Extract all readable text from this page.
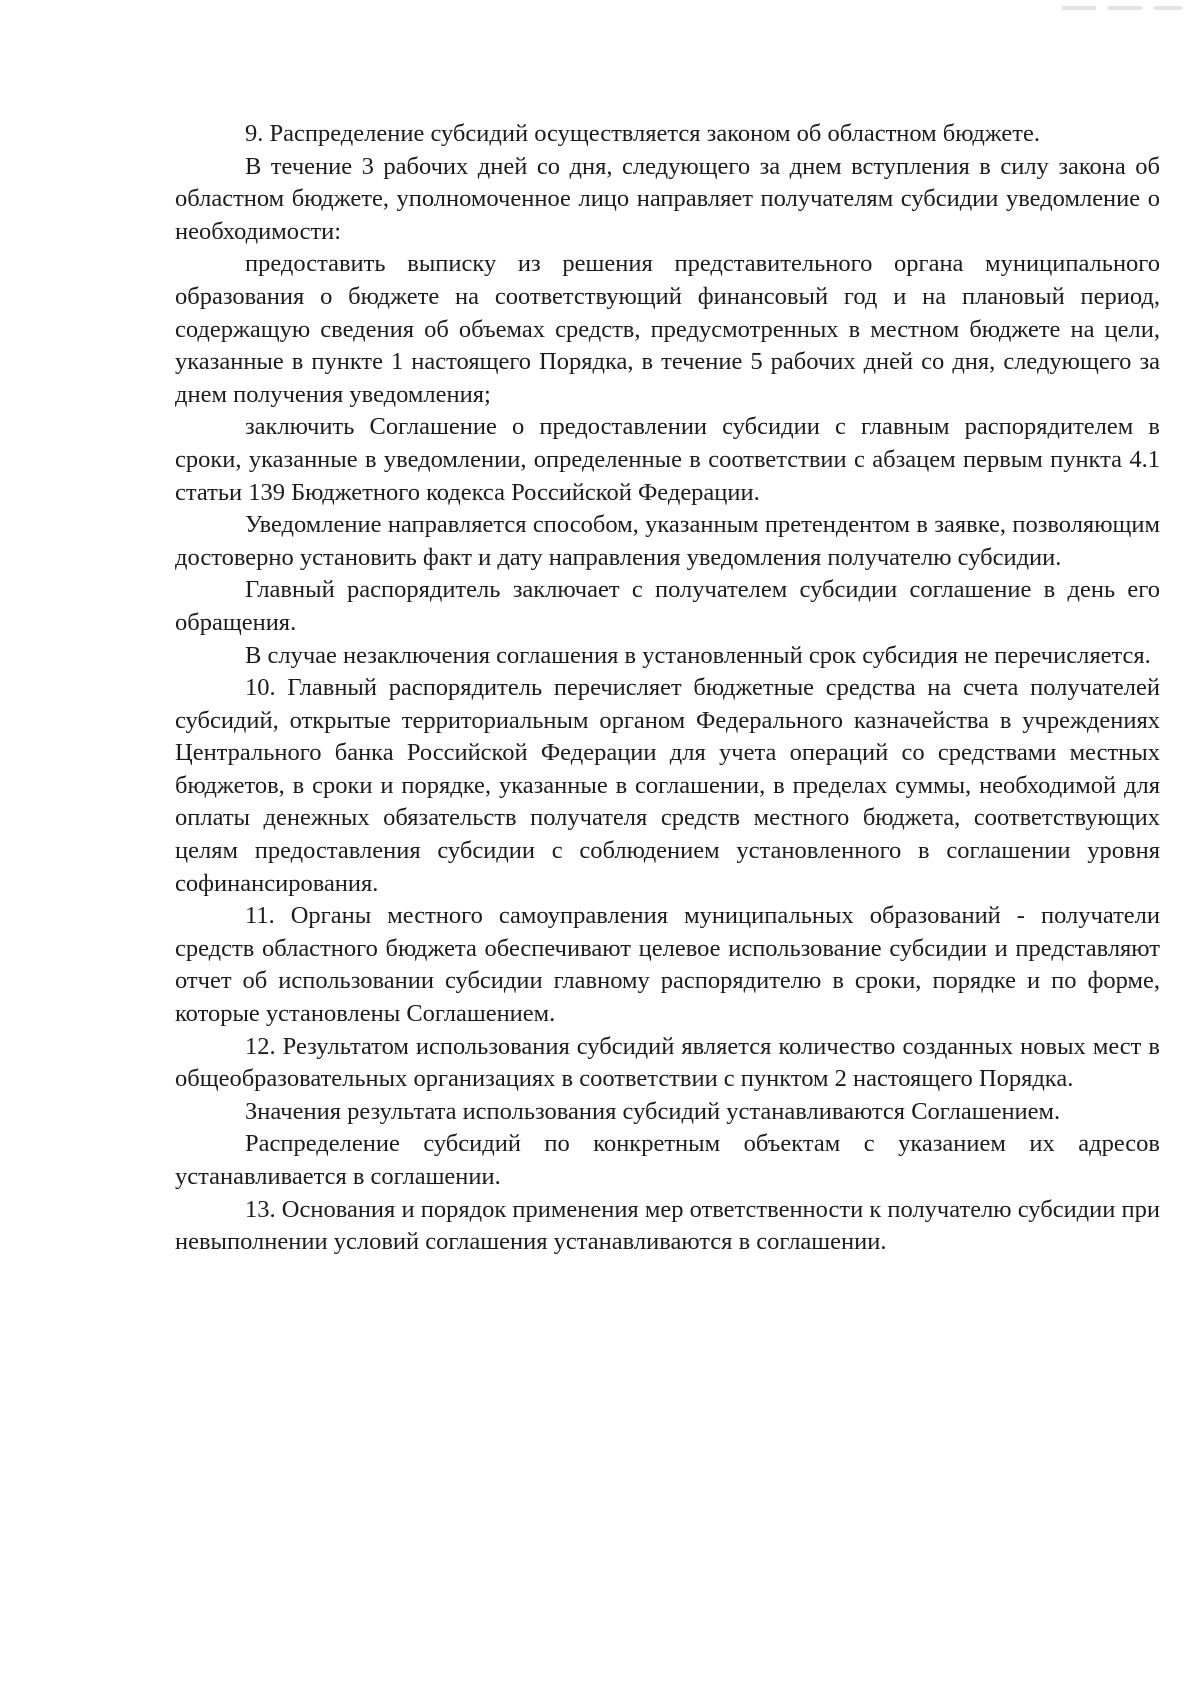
9. Распределение субсидий осуществляется законом об областном бюджете.

В течение 3 рабочих дней со дня, следующего за днем вступления в силу закона об областном бюджете, уполномоченное лицо направляет получателям субсидии уведомление о необходимости:

предоставить выписку из решения представительного органа муниципального образования о бюджете на соответствующий финансовый год и на плановый период, содержащую сведения об объемах средств, предусмотренных в местном бюджете на цели, указанные в пункте 1 настоящего Порядка, в течение 5 рабочих дней со дня, следующего за днем получения уведомления;

заключить Соглашение о предоставлении субсидии с главным распорядителем в сроки, указанные в уведомлении, определенные в соответствии с абзацем первым пункта 4.1 статьи 139 Бюджетного кодекса Российской Федерации.

Уведомление направляется способом, указанным претендентом в заявке, позволяющим достоверно установить факт и дату направления уведомления получателю субсидии.

Главный распорядитель заключает с получателем субсидии соглашение в день его обращения.

В случае незаключения соглашения в установленный срок субсидия не перечисляется.

10. Главный распорядитель перечисляет бюджетные средства на счета получателей субсидий, открытые территориальным органом Федерального казначейства в учреждениях Центрального банка Российской Федерации для учета операций со средствами местных бюджетов, в сроки и порядке, указанные в соглашении, в пределах суммы, необходимой для оплаты денежных обязательств получателя средств местного бюджета, соответствующих целям предоставления субсидии с соблюдением установленного в соглашении уровня софинансирования.

11. Органы местного самоуправления муниципальных образований - получатели средств областного бюджета обеспечивают целевое использование субсидии и представляют отчет об использовании субсидии главному распорядителю в сроки, порядке и по форме, которые установлены Соглашением.

12. Результатом использования субсидий является количество созданных новых мест в общеобразовательных организациях в соответствии с пунктом 2 настоящего Порядка.

Значения результата использования субсидий устанавливаются Соглашением.

Распределение субсидий по конкретным объектам с указанием их адресов устанавливается в соглашении.

13. Основания и порядок применения мер ответственности к получателю субсидии при невыполнении условий соглашения устанавливаются в соглашении.
